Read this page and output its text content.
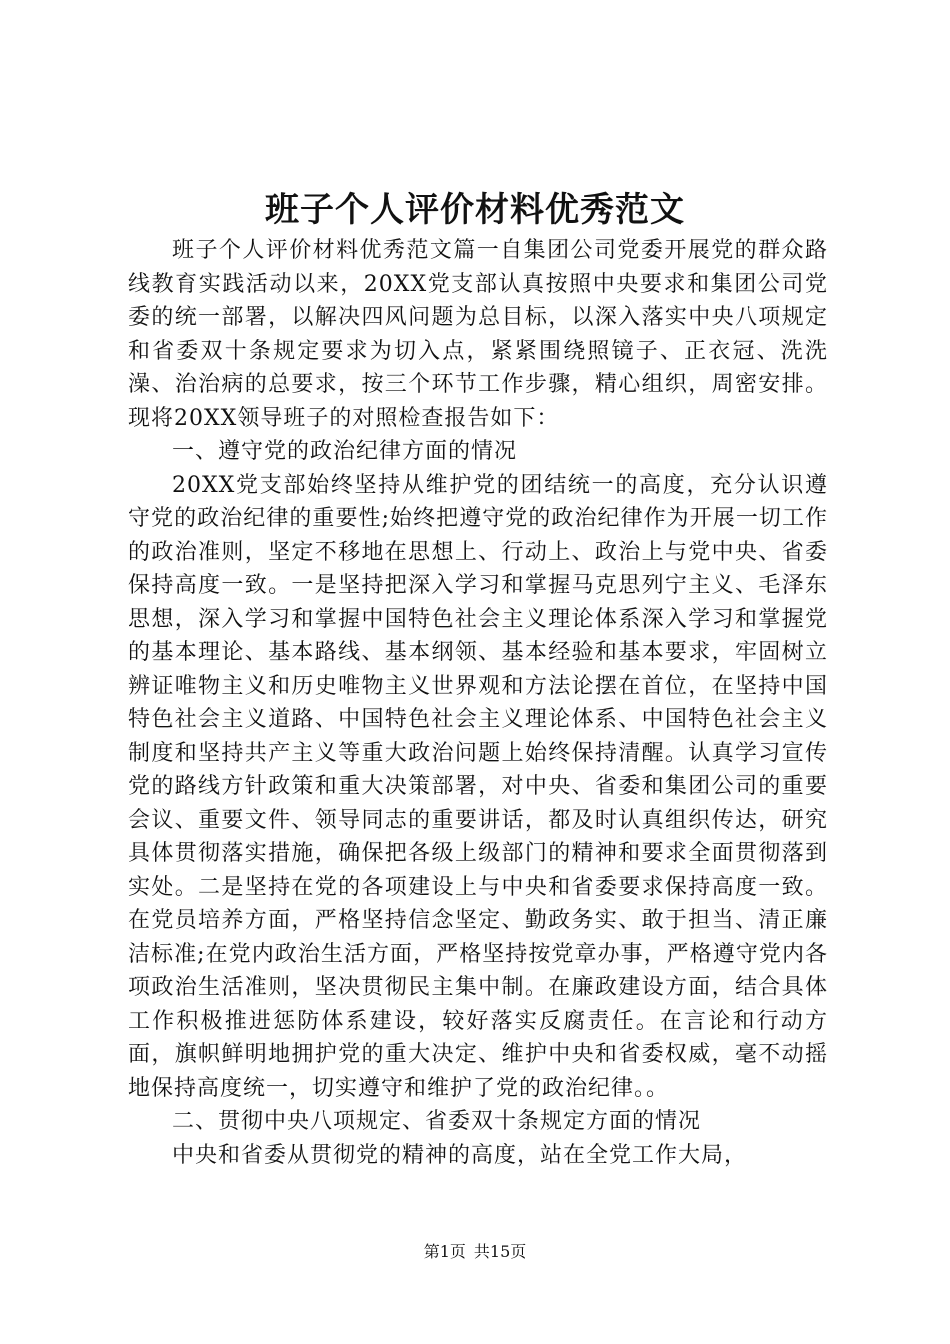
班子个人评价材料优秀范文

班子个人评价材料优秀范文篇一自集团公司党委开展党的群众路线教育实践活动以来，20XX党支部认真按照中央要求和集团公司党委的统一部署，以解决四风问题为总目标，以深入落实中央八项规定和省委双十条规定要求为切入点，紧紧围绕照镜子、正衣冠、洗洗澡、治治病的总要求，按三个环节工作步骤，精心组织，周密安排。现将20XX领导班子的对照检查报告如下：

一、遵守党的政治纪律方面的情况

20XX党支部始终坚持从维护党的团结统一的高度，充分认识遵守党的政治纪律的重要性;始终把遵守党的政治纪律作为开展一切工作的政治准则，坚定不移地在思想上、行动上、政治上与党中央、省委保持高度一致。一是坚持把深入学习和掌握马克思列宁主义、毛泽东思想，深入学习和掌握中国特色社会主义理论体系深入学习和掌握党的基本理论、基本路线、基本纲领、基本经验和基本要求，牢固树立辨证唯物主义和历史唯物主义世界观和方法论摆在首位，在坚持中国特色社会主义道路、中国特色社会主义理论体系、中国特色社会主义制度和坚持共产主义等重大政治问题上始终保持清醒。认真学习宣传党的路线方针政策和重大决策部署，对中央、省委和集团公司的重要会议、重要文件、领导同志的重要讲话，都及时认真组织传达，研究具体贯彻落实措施，确保把各级上级部门的精神和要求全面贯彻落到实处。二是坚持在党的各项建设上与中央和省委要求保持高度一致。在党员培养方面，严格坚持信念坚定、勤政务实、敢于担当、清正廉洁标准;在党内政治生活方面，严格坚持按党章办事，严格遵守党内各项政治生活准则，坚决贯彻民主集中制。在廉政建设方面，结合具体工作积极推进惩防体系建设，较好落实反腐责任。在言论和行动方面，旗帜鲜明地拥护党的重大决定、维护中央和省委权威，毫不动摇地保持高度统一，切实遵守和维护了党的政治纪律。。

二、贯彻中央八项规定、省委双十条规定方面的情况

中央和省委从贯彻党的精神的高度，站在全党工作大局，

第1页 共15页
